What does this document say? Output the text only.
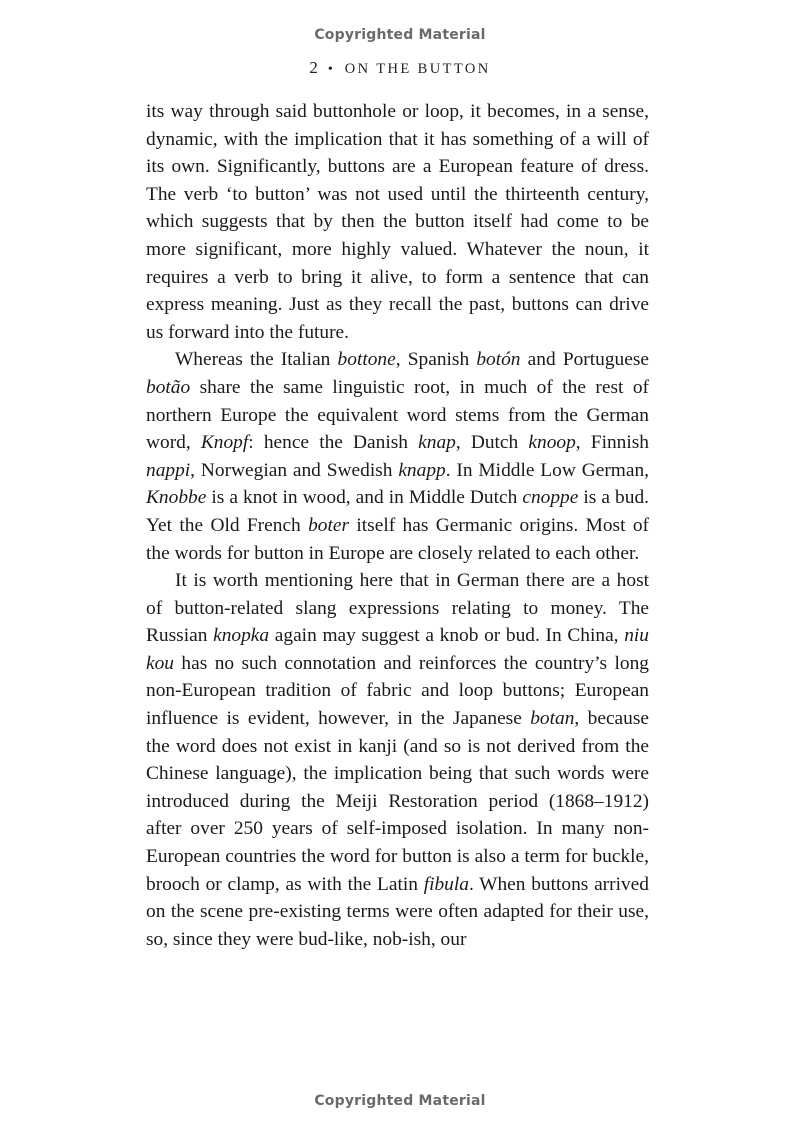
Copyrighted Material
2 • ON THE BUTTON

its way through said buttonhole or loop, it becomes, in a sense, dynamic, with the implication that it has something of a will of its own. Significantly, buttons are a European feature of dress. The verb ‘to button’ was not used until the thirteenth century, which suggests that by then the button itself had come to be more significant, more highly valued. Whatever the noun, it requires a verb to bring it alive, to form a sentence that can express meaning. Just as they recall the past, buttons can drive us forward into the future.

Whereas the Italian bottone, Spanish botón and Portuguese botão share the same linguistic root, in much of the rest of northern Europe the equivalent word stems from the German word, Knopf: hence the Danish knap, Dutch knoop, Finnish nappi, Norwegian and Swedish knapp. In Middle Low German, Knobbe is a knot in wood, and in Middle Dutch cnoppe is a bud. Yet the Old French boter itself has Germanic origins. Most of the words for button in Europe are closely related to each other.

It is worth mentioning here that in German there are a host of button-related slang expressions relating to money. The Russian knopka again may suggest a knob or bud. In China, niu kou has no such connotation and reinforces the country’s long non-European tradition of fabric and loop buttons; European influence is evident, however, in the Japanese botan, because the word does not exist in kanji (and so is not derived from the Chinese language), the implication being that such words were introduced during the Meiji Restoration period (1868–1912) after over 250 years of self-imposed isolation. In many non-European countries the word for button is also a term for buckle, brooch or clamp, as with the Latin fibula. When buttons arrived on the scene pre-existing terms were often adapted for their use, so, since they were bud-like, nob-ish, our

Copyrighted Material
